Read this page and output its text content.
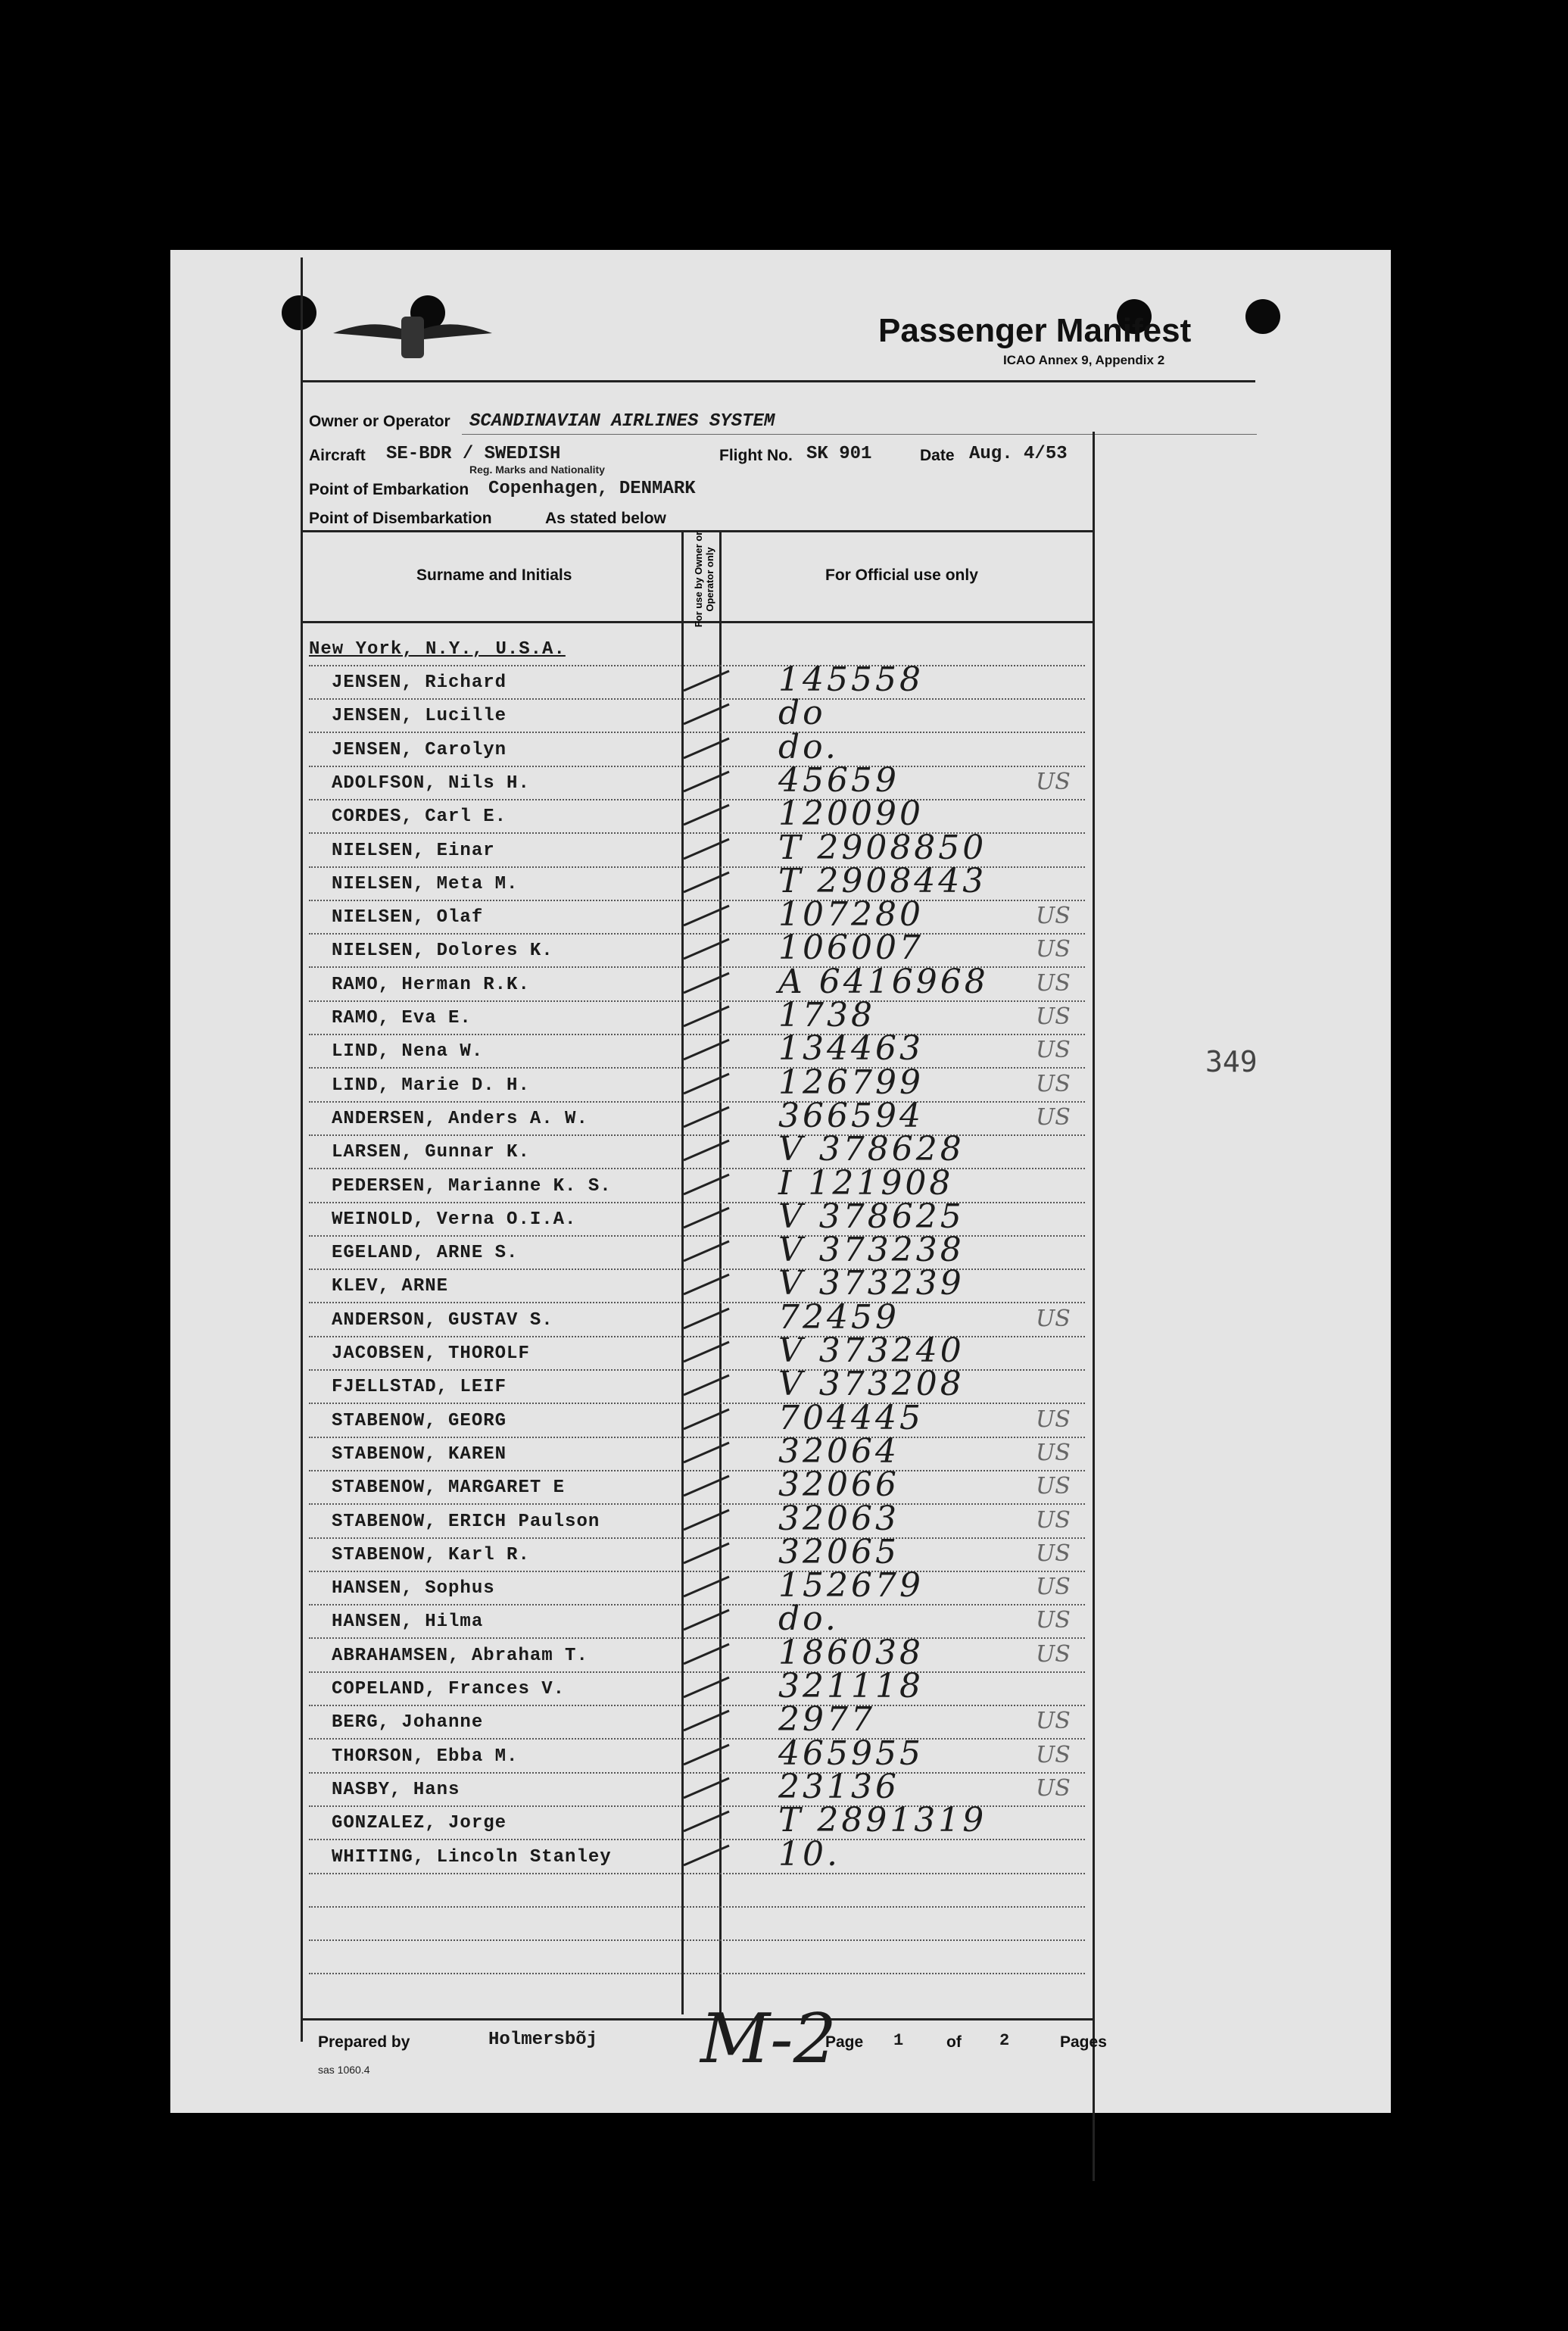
Passenger Manifest
ICAO Annex 9, Appendix 2
Owner or Operator SCANDINAVIAN AIRLINES SYSTEM
Aircraft SE-BDR / SWEDISH
Reg. Marks and Nationality
Flight No. SK 901	Date Aug. 4/53
Point of Embarkation Copenhagen, DENMARK
Point of Disembarkation	As stated below
Surname and Initials	For use by Owner or Operator only	For Official use only
New York, N.Y., U.S.A.
JENSEN, Richard	145558
JENSEN, Lucille	do
JENSEN, Carolyn	do.
ADOLFSON, Nils H.	45659	US
CORDES, Carl E.	120090
NIELSEN, Einar	T 2908850
NIELSEN, Meta M.	T 2908443
NIELSEN, Olaf	107280	US
NIELSEN, Dolores K.	106007	US
RAMO, Herman R.K.	A 6416968 US
RAMO, Eva E.	1738	US
LIND, Nena W.	134463	US
LIND, Marie D. H.	126799	US
ANDERSEN, Anders A. W.	366594	US
LARSEN, Gunnar K.	V 378628
PEDERSEN, Marianne K. S.	I 121908
WEINOLD, Verna O.I.A.	V 378625
EGELAND, ARNE S.	V 373238
KLEV, ARNE	V 373239
ANDERSON, GUSTAV S.	72459	US
JACOBSEN, THOROLF	V 373240
FJELLSTAD, LEIF	V 373208
STABENOW, GEORG	704445	US
STABENOW, KAREN	32064	US
STABENOW, MARGARET E	32066	US
STABENOW, ERICH Paulson	32063	US
STABENOW, Karl R.	32065	US
HANSEN, Sophus	152679	US
HANSEN, Hilma	do.	US
ABRAHAMSEN, Abraham T.	186038	US
COPELAND, Frances V.	321118
BERG, Johanne	2977	US
THORSON, Ebba M.	465955	US
NASBY, Hans	23136	US
GONZALEZ, Jorge	T 2891319
WHITING, Lincoln Stanley	10.
Prepared by	Holmersbõj	Page 1	of 2	Pages
sas 1060.4
349
M-2
